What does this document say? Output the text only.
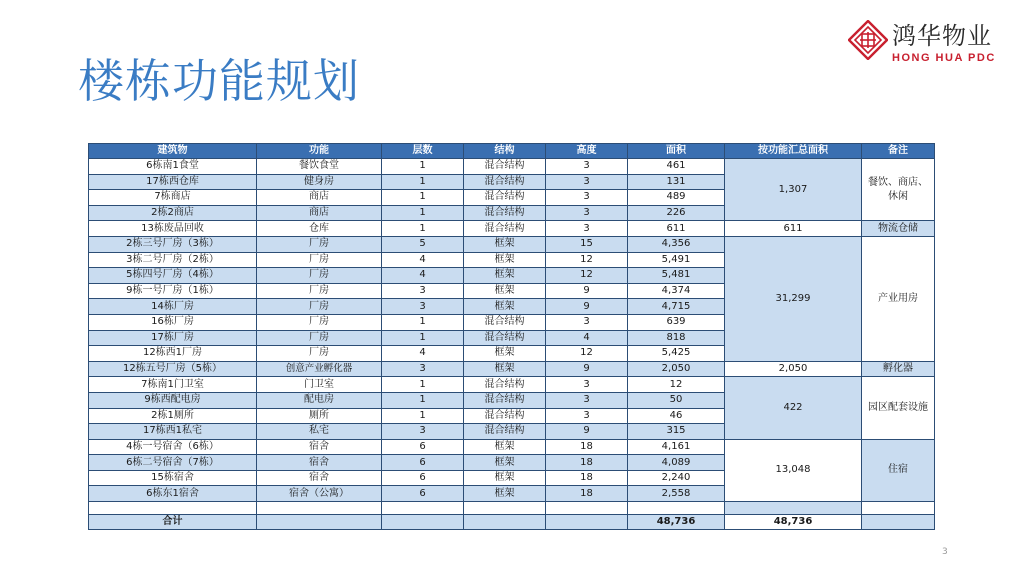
楼栋功能规划
鸿华物业
HONG HUA PDC
建筑物	功能	层数	结构	高度	面积	按功能汇总面积	备注
6栋南1食堂	餐饮食堂	1	混合结构	3	461	1,307	餐饮、商店、休闲
17栋西仓库	健身房	1	混合结构	3	131		
7栋商店	商店	1	混合结构	3	489		
2栋2商店	商店	1	混合结构	3	226		
13栋废品回收	仓库	1	混合结构	3	611	611	物流仓储
2栋三号厂房（3栋）	厂房	5	框架	15	4,356	31,299	产业用房
3栋二号厂房（2栋）	厂房	4	框架	12	5,491		
5栋四号厂房（4栋）	厂房	4	框架	12	5,481		
9栋一号厂房（1栋）	厂房	3	框架	9	4,374		
14栋厂房	厂房	3	框架	9	4,715		
16栋厂房	厂房	1	混合结构	3	639		
17栋厂房	厂房	1	混合结构	4	818		
12栋西1厂房	厂房	4	框架	12	5,425		
12栋五号厂房（5栋）	创意产业孵化器	3	框架	9	2,050	2,050	孵化器
7栋南1门卫室	门卫室	1	混合结构	3	12	422	园区配套设施
9栋西配电房	配电房	1	混合结构	3	50		
2栋1厕所	厕所	1	混合结构	3	46		
17栋西1私宅	私宅	3	混合结构	9	315		
4栋一号宿舍（6栋）	宿舍	6	框架	18	4,161	13,048	住宿
6栋二号宿舍（7栋）	宿舍	6	框架	18	4,089		
15栋宿舍	宿舍	6	框架	18	2,240		
6栋东1宿舍	宿舍（公寓）	6	框架	18	2,558		

合计					48,736	48,736	
3
